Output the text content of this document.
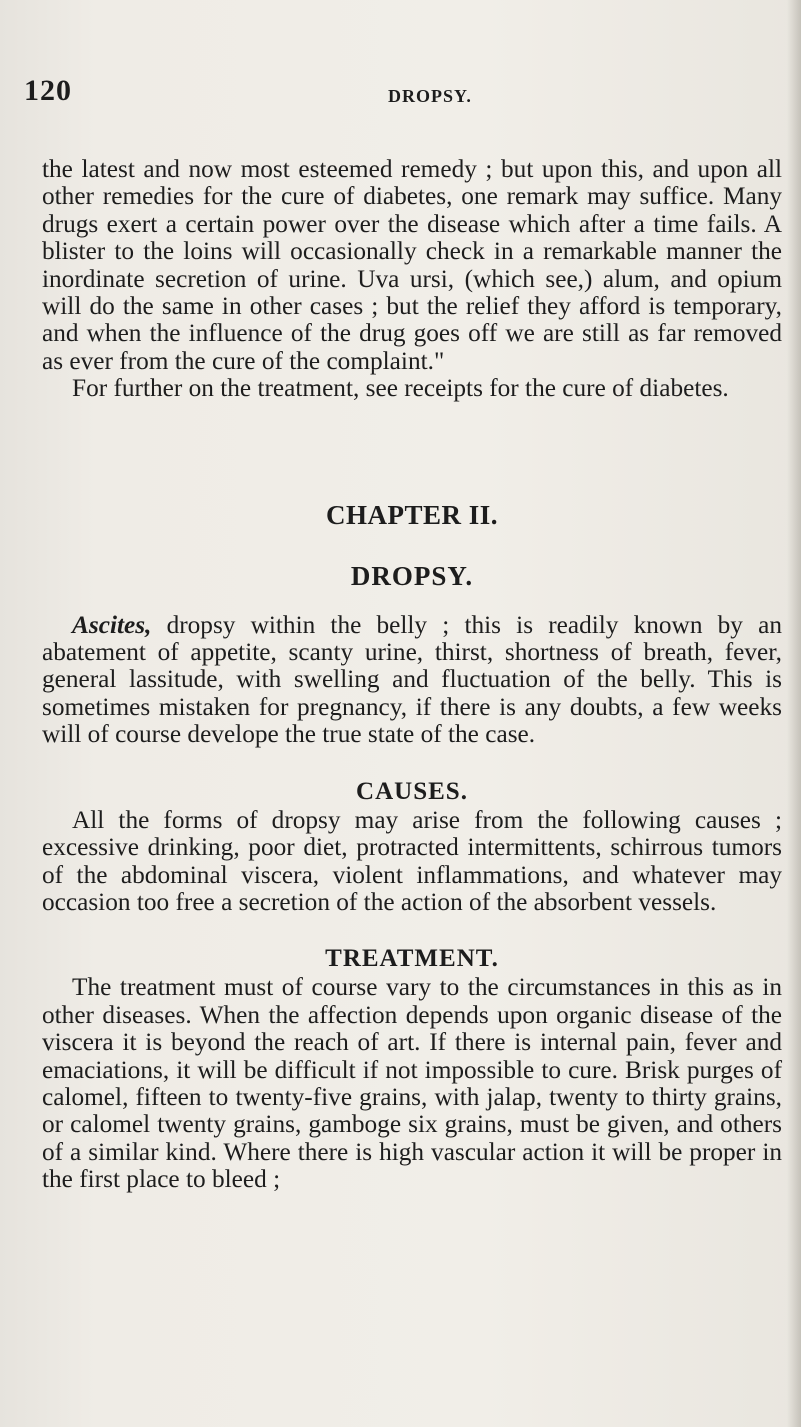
120	DROPSY.

the latest and now most esteemed remedy ; but upon this, and upon all other remedies for the cure of diabetes, one remark may suffice. Many drugs exert a certain power over the disease which after a time fails. A blister to the loins will occasionally check in a remarkable manner the inordinate secretion of urine. Uva ursi, (which see,) alum, and opium will do the same in other cases ; but the relief they afford is temporary, and when the influence of the drug goes off we are still as far removed as ever from the cure of the complaint."

For further on the treatment, see receipts for the cure of diabetes.

CHAPTER II.
DROPSY.

Ascites, dropsy within the belly ; this is readily known by an abatement of appetite, scanty urine, thirst, shortness of breath, fever, general lassitude, with swelling and fluctuation of the belly. This is sometimes mistaken for pregnancy, if there is any doubts, a few weeks will of course develope the true state of the case.

CAUSES.

All the forms of dropsy may arise from the following causes ; excessive drinking, poor diet, protracted intermittents, schirrous tumors of the abdominal viscera, violent inflammations, and whatever may occasion too free a secretion of the action of the absorbent vessels.

TREATMENT.

The treatment must of course vary to the circumstances in this as in other diseases. When the affection depends upon organic disease of the viscera it is beyond the reach of art. If there is internal pain, fever and emaciations, it will be difficult if not impossible to cure. Brisk purges of calomel, fifteen to twenty-five grains, with jalap, twenty to thirty grains, or calomel twenty grains, gamboge six grains, must be given, and others of a similar kind. Where there is high vascular action it will be proper in the first place to bleed ;
